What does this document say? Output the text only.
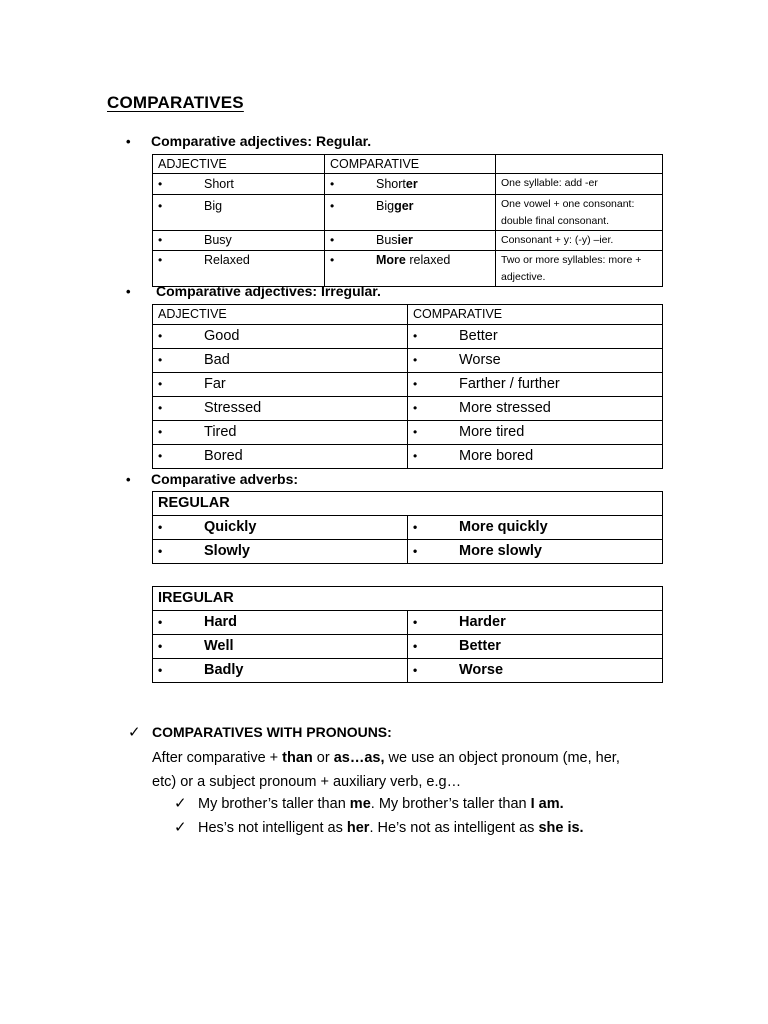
COMPARATIVES
•	Comparative adjectives: Regular.
ADJECTIVE	COMPARATIVE	
• Short	• Shorter	One syllable: add -er
• Big	• Bigger	One vowel + one consonant: double final consonant.
• Busy	• Busier	Consonant + y: (-y) –ier.
• Relaxed	• More relaxed	Two or more syllables: more + adjective.
•	Comparative adjectives: Irregular.
ADJECTIVE	COMPARATIVE
• Good	• Better
• Bad	• Worse
• Far	• Farther / further
• Stressed	• More stressed
• Tired	• More tired
• Bored	• More bored
•	Comparative adverbs:
REGULAR	
• Quickly	• More quickly
• Slowly	• More slowly
IREGULAR	
• Hard	• Harder
• Well	• Better
• Badly	• Worse
✓ COMPARATIVES WITH PRONOUNS:
After comparative + than or as…as, we use an object pronoum (me, her,
etc) or a subject pronoum + auxiliary verb, e.g…
✓ My brother’s taller than me. My brother’s taller than I am.
✓ Hes’s not intelligent as her. He’s not as intelligent as she is.
